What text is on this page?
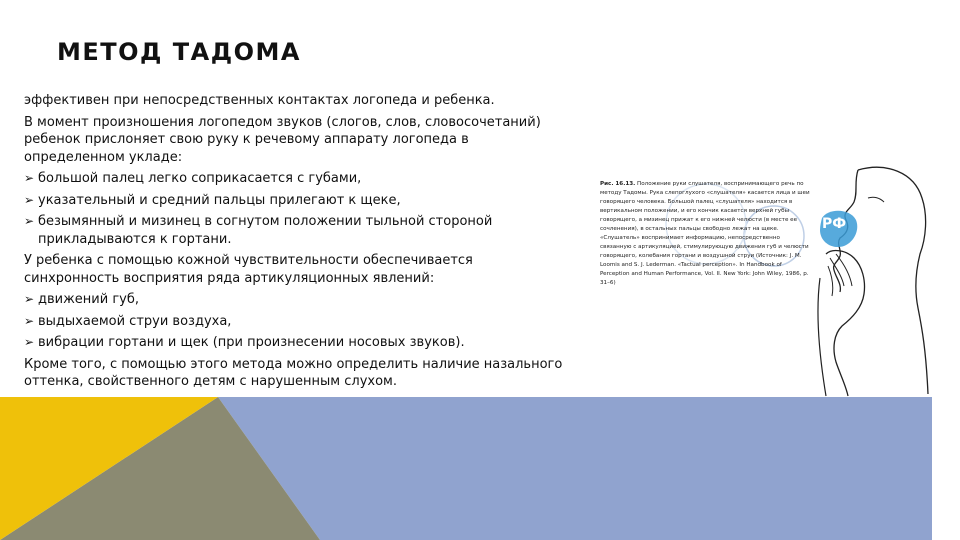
МЕТОД ТАДОМА

эффективен при непосредственных контактах логопеда и ребенка.

В момент произношения логопедом звуков (слогов, слов, словосочетаний) ребенок прислоняет свою руку к речевому аппарату логопеда в определенном укладе:

➢ большой палец легко соприкасается с губами,
➢ указательный и средний пальцы прилегают к щеке,
➢ безымянный и мизинец в согнутом положении тыльной стороной прикладываются к гортани.

У ребенка с помощью кожной чувствительности обеспечивается синхронность восприятия ряда артикуляционных явлений:

➢ движений губ,
➢ выдыхаемой струи воздуха,
➢ вибрации гортани и щек (при произнесении носовых звуков).

Кроме того, с помощью этого метода можно определить наличие назального оттенка, свойственного детям с нарушенным слухом.

Рис. 16.13. Положение руки слушателя, воспринимающего речь по методу Тадомы. Рука слепоглухого «слушателя» касается лица и шеи говорящего человека. Большой палец «слушателя» находится в вертикальном положении, и его кончик касается верхней губы говорящего, а мизинец прижат к его нижней челюсти (в месте ее сочленения), в остальных пальцы свободно лежат на щеке. «Слушатель» воспринимает информацию, непосредственно связанную с артикуляцией, стимулирующую движения губ и челюсти говорящего, колебания гортани и воздушной струи (Источник: J. M. Loomis and S. J. Lederman. «Tactual perception». In Handbook of Perception and Human Performance, Vol. II. New York: John Wiley, 1986, p. 31–6)
РФ
